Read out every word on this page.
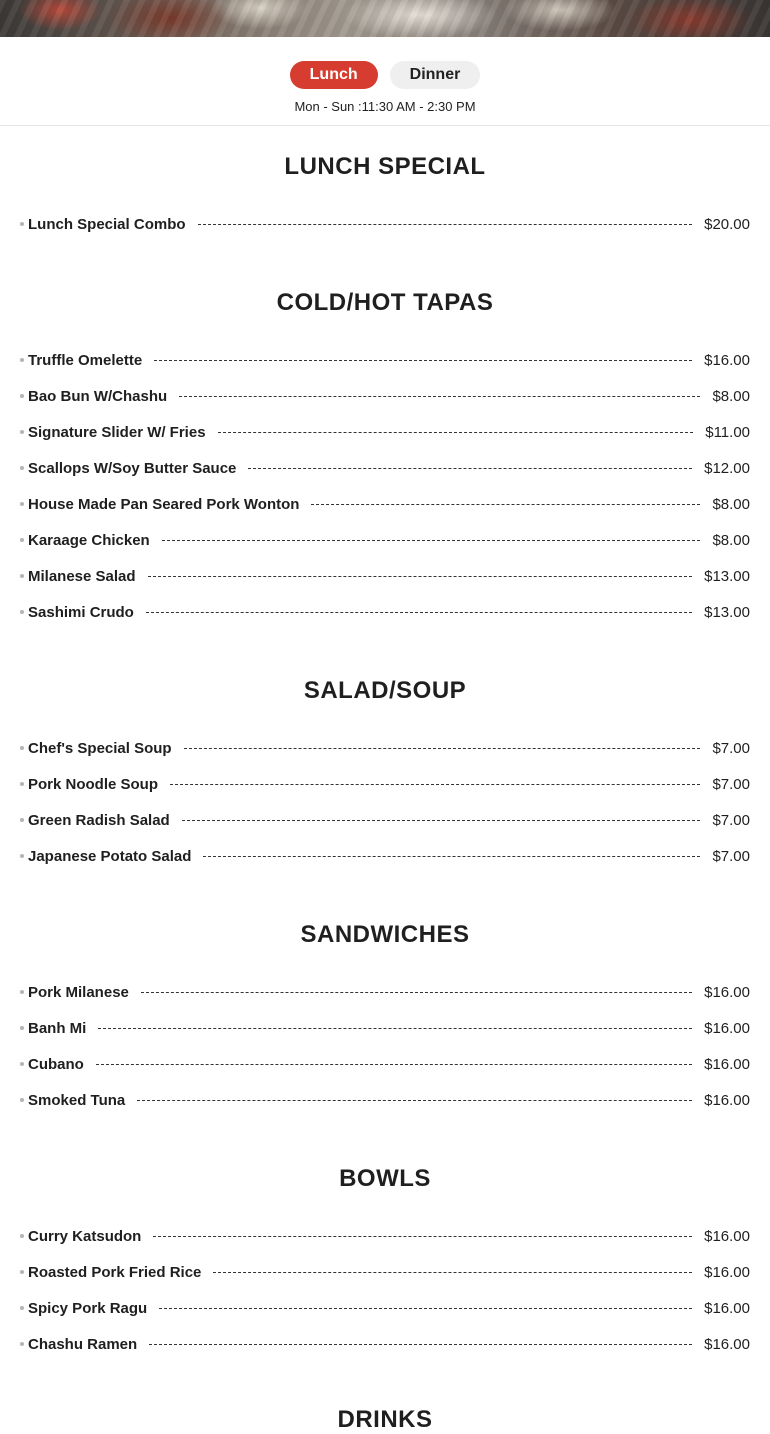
Lunch	Dinner
Mon - Sun :11:30 AM - 2:30 PM
LUNCH SPECIAL
Lunch Special Combo	$20.00
COLD/HOT TAPAS
Truffle Omelette	$16.00
Bao Bun W/Chashu	$8.00
Signature Slider W/ Fries	$11.00
Scallops W/Soy Butter Sauce	$12.00
House Made Pan Seared Pork Wonton	$8.00
Karaage Chicken	$8.00
Milanese Salad	$13.00
Sashimi Crudo	$13.00
SALAD/SOUP
Chef's Special Soup	$7.00
Pork Noodle Soup	$7.00
Green Radish Salad	$7.00
Japanese Potato Salad	$7.00
SANDWICHES
Pork Milanese	$16.00
Banh Mi	$16.00
Cubano	$16.00
Smoked Tuna	$16.00
BOWLS
Curry Katsudon	$16.00
Roasted Pork Fried Rice	$16.00
Spicy Pork Ragu	$16.00
Chashu Ramen	$16.00
DRINKS
